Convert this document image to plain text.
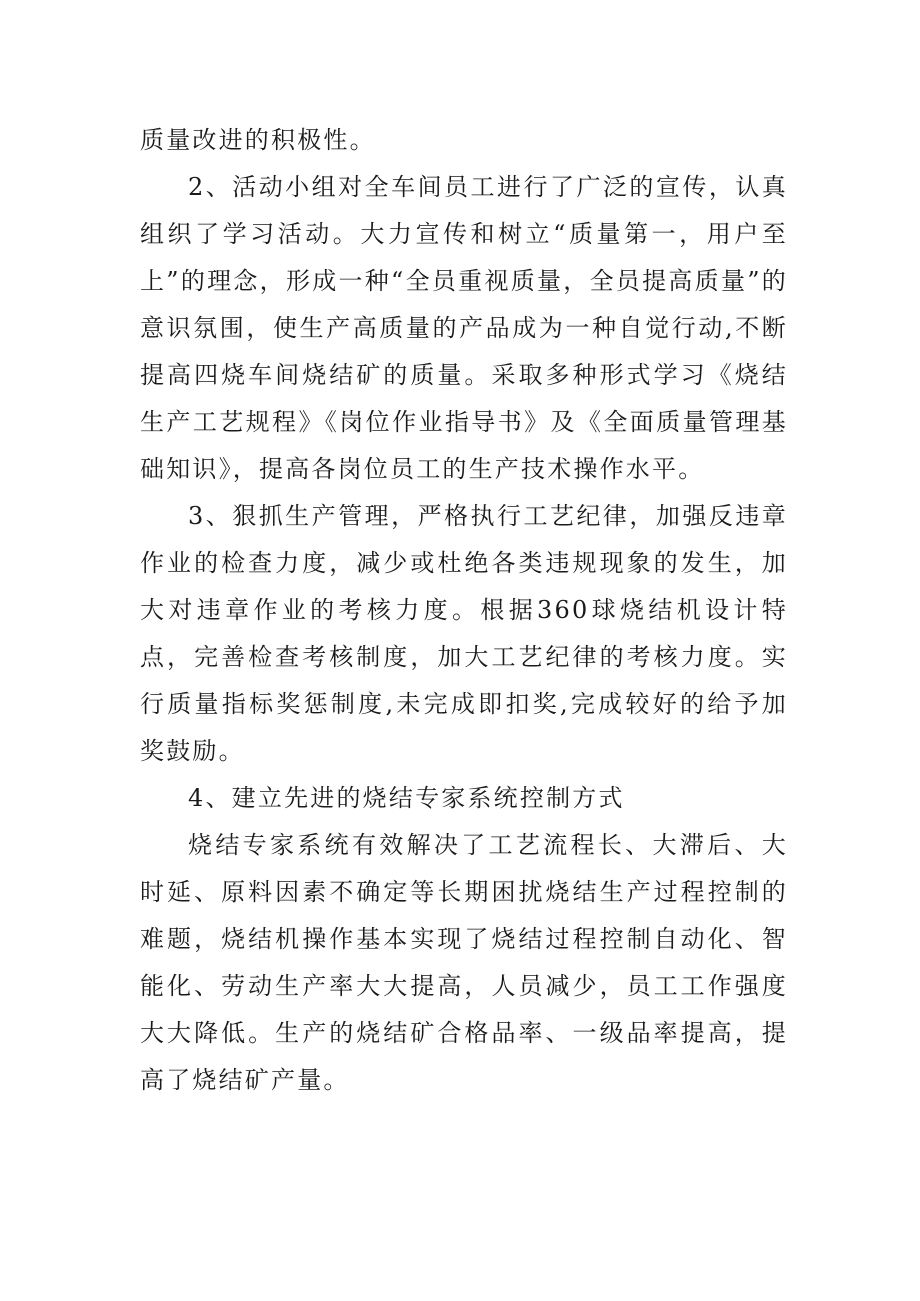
质量改进的积极性。

2、活动小组对全车间员工进行了广泛的宣传，认真组织了学习活动。大力宣传和树立“质量第一，用户至上”的理念，形成一种“全员重视质量，全员提高质量”的意识氛围，使生产高质量的产品成为一种自觉行动,不断提高四烧车间烧结矿的质量。采取多种形式学习《烧结生产工艺规程》《岗位作业指导书》及《全面质量管理基础知识》，提高各岗位员工的生产技术操作水平。

3、狠抓生产管理，严格执行工艺纪律，加强反违章作业的检查力度，减少或杜绝各类违规现象的发生，加大对违章作业的考核力度。根据360球烧结机设计特点，完善检查考核制度，加大工艺纪律的考核力度。实行质量指标奖惩制度,未完成即扣奖,完成较好的给予加奖鼓励。

4、建立先进的烧结专家系统控制方式

烧结专家系统有效解决了工艺流程长、大滞后、大时延、原料因素不确定等长期困扰烧结生产过程控制的难题，烧结机操作基本实现了烧结过程控制自动化、智能化、劳动生产率大大提高，人员减少，员工工作强度大大降低。生产的烧结矿合格品率、一级品率提高，提高了烧结矿产量。
